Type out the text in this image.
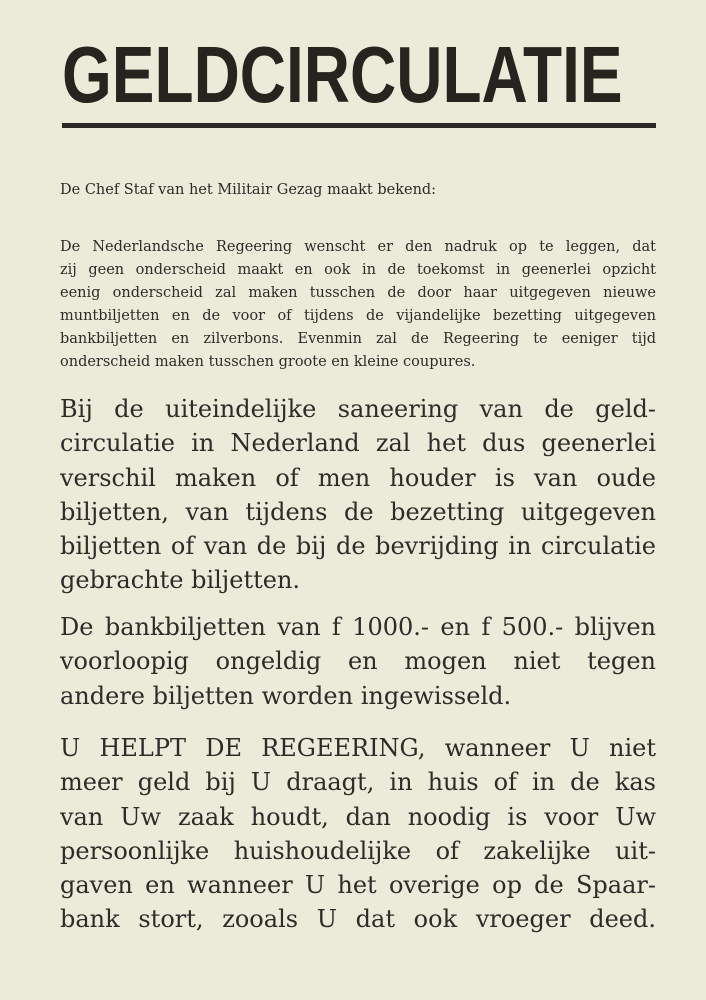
GELDCIRCULATIE
De Chef Staf van het Militair Gezag maakt bekend:
De Nederlandsche Regeering wenscht er den nadruk op te leggen, dat
zij geen onderscheid maakt en ook in de toekomst in geenerlei opzicht
eenig onderscheid zal maken tusschen de door haar uitgegeven nieuwe
muntbiljetten en de voor of tijdens de vijandelijke bezetting uitgegeven
bankbiljetten en zilverbons. Evenmin zal de Regeering te eeniger tijd
onderscheid maken tusschen groote en kleine coupures.
Bij de uiteindelijke saneering van de geld-
circulatie in Nederland zal het dus geenerlei
verschil maken of men houder is van oude
biljetten, van tijdens de bezetting uitgegeven
biljetten of van de bij de bevrijding in circulatie
gebrachte biljetten.
De bankbiljetten van f 1000.- en f 500.- blijven
voorloopig ongeldig en mogen niet tegen
andere biljetten worden ingewisseld.
U HELPT DE REGEERING, wanneer U niet
meer geld bij U draagt, in huis of in de kas
van Uw zaak houdt, dan noodig is voor Uw
persoonlijke huishoudelijke of zakelijke uit-
gaven en wanneer U het overige op de Spaar-
bank stort, zooals U dat ook vroeger deed.
